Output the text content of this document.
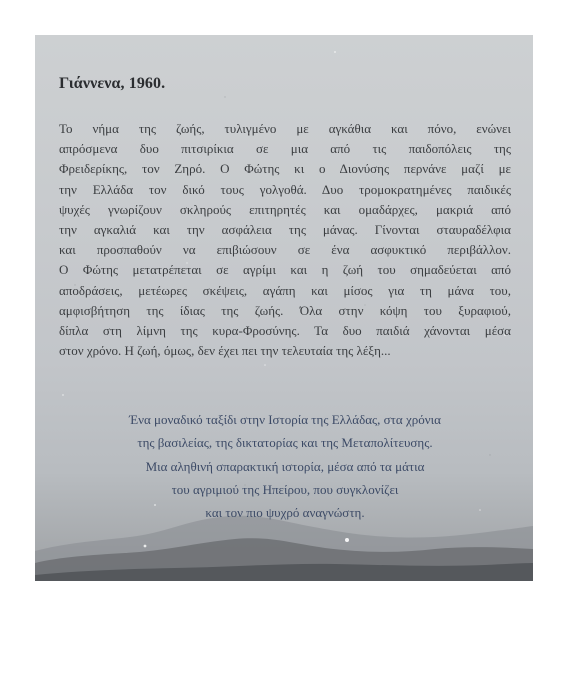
Γιάννενα, 1960.
Το νήμα της ζωής, τυλιγμένο με αγκάθια και πόνο, ενώνει
απρόσμενα δυο πιτσιρίκια σε μια από τις παιδοπόλεις της
Φρειδερίκης, τον Ζηρό. Ο Φώτης κι ο Διονύσης περνάνε μαζί με
την Ελλάδα τον δικό τους γολγοθά. Δυο τρομοκρατημένες παιδικές
ψυχές γνωρίζουν σκληρούς επιτηρητές και ομαδάρχες, μακριά από
την αγκαλιά και την ασφάλεια της μάνας. Γίνονται σταυραδέλφια
και προσπαθούν να επιβιώσουν σε ένα ασφυκτικό περιβάλλον.
Ο Φώτης μετατρέπεται σε αγρίμι και η ζωή του σημαδεύεται από
αποδράσεις, μετέωρες σκέψεις, αγάπη και μίσος για τη μάνα του,
αμφισβήτηση της ίδιας της ζωής. Όλα στην κόψη του ξυραφιού,
δίπλα στη λίμνη της κυρα-Φροσύνης. Τα δυο παιδιά χάνονται μέσα
στον χρόνο. Η ζωή, όμως, δεν έχει πει την τελευταία της λέξη...
Ένα μοναδικό ταξίδι στην Ιστορία της Ελλάδας, στα χρόνια
της βασιλείας, της δικτατορίας και της Μεταπολίτευσης.
Μια αληθινή σπαρακτική ιστορία, μέσα από τα μάτια
του αγριμιού της Ηπείρου, που συγκλονίζει
και τον πιο ψυχρό αναγνώστη.
